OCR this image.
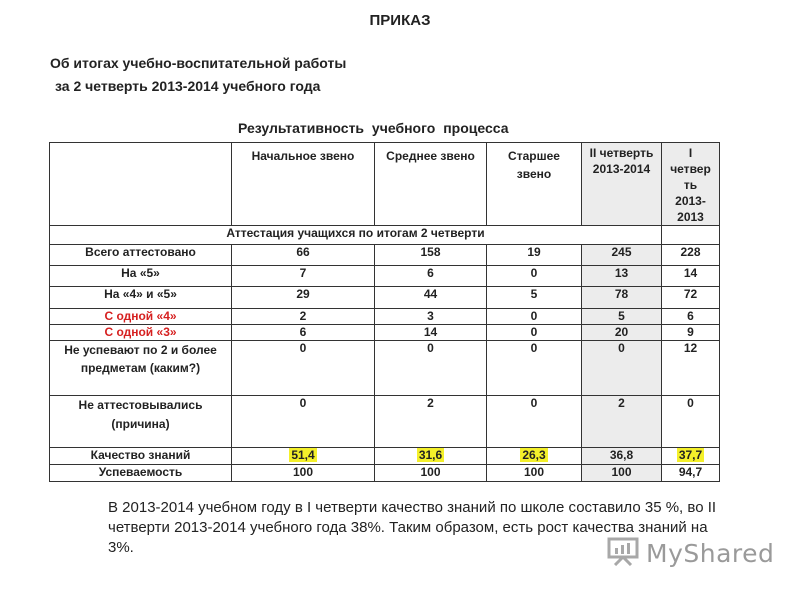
ПРИКАЗ
Об итогах учебно-воспитательной работы
за 2 четверть 2013-2014 учебного года
Результативность учебного процесса
	Начальное звено	Среднее звено	Старшее звено	II четверть 2013-2014	I четвер ть 2013-2013
Аттестация учащихся по итогам 2 четверти					
Всего аттестовано	66	158	19	245	228
На «5»	7	6	0	13	14
На «4» и «5»	29	44	5	78	72
С одной «4»	2	3	0	5	6
С одной «3»	6	14	0	20	9
Не успевают по 2 и более предметам (каким?)	0	0	0	0	12
Не аттестовывались (причина)	0	2	0	2	0
Качество знаний	51,4	31,6	26,3	36,8	37,7
Успеваемость	100	100	100	100	94,7
В 2013-2014 учебном году в I четверти качество знаний по школе составило 35 %, во II четверти 2013-2014 учебного года 38%. Таким образом, есть рост качества знаний на 3%.	MyShared
